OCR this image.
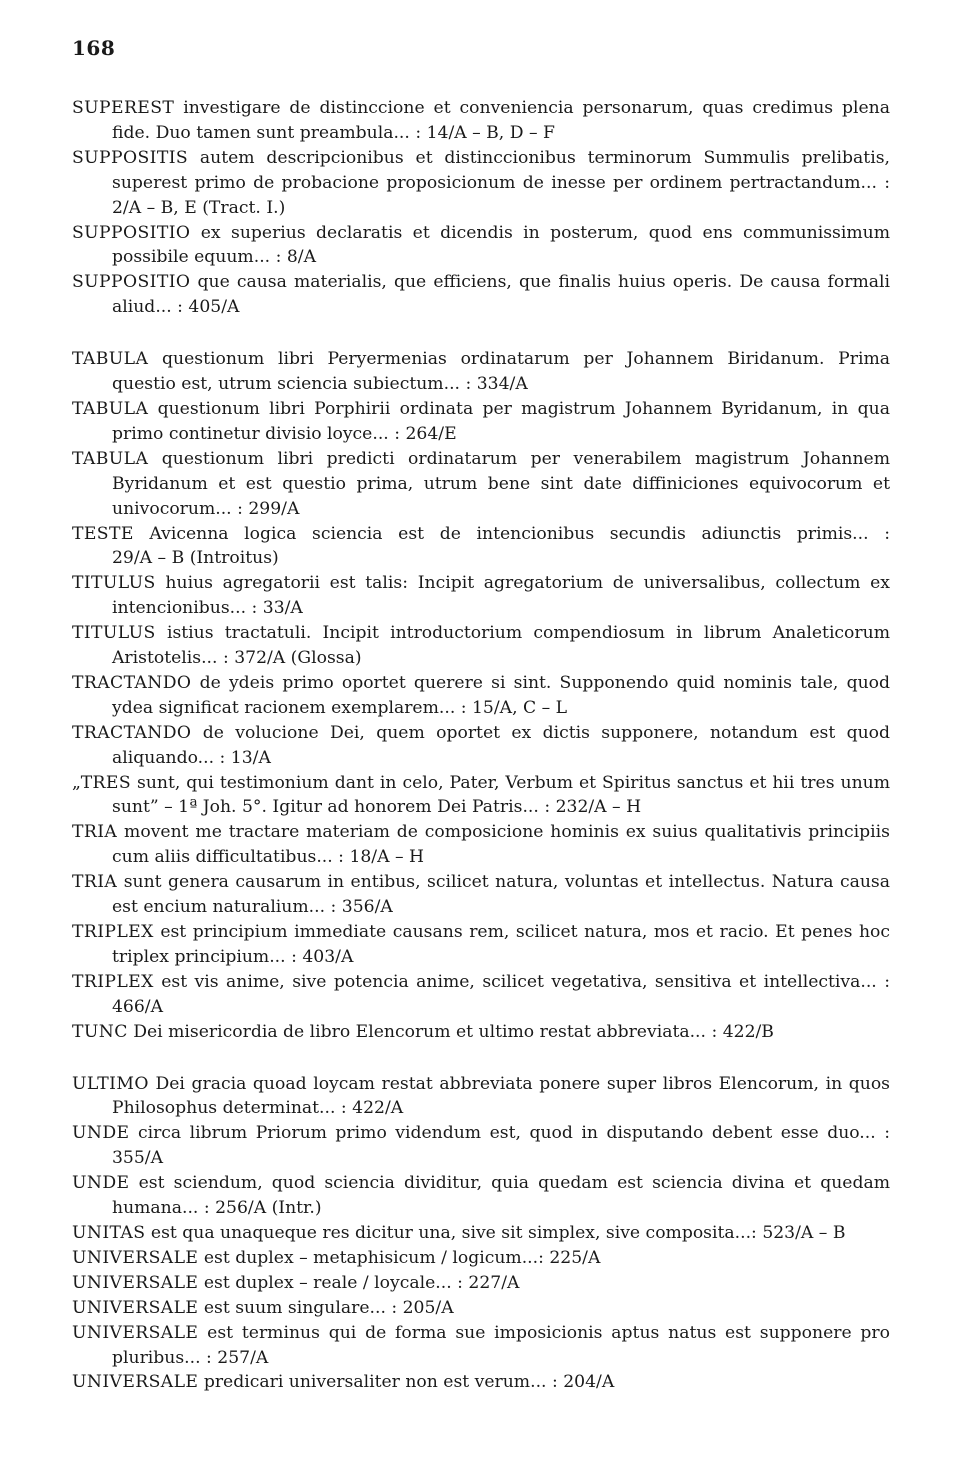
168

SUPEREST investigare de distinccione et conveniencia personarum, quas credimus plena fide. Duo tamen sunt preambula... : 14/A – B, D – F

SUPPOSITIS autem descripcionibus et distinccionibus terminorum Summulis prelibatis, superest primo de probacione proposicionum de inesse per ordinem pertractandum... : 2/A – B, E (Tract. I.)

SUPPOSITIO ex superius declaratis et dicendis in posterum, quod ens communissimum possibile equum... : 8/A

SUPPOSITIO que causa materialis, que efficiens, que finalis huius operis. De causa formali aliud... : 405/A

TABULA questionum libri Peryermenias ordinatarum per Johannem Biridanum. Prima questio est, utrum sciencia subiectum... : 334/A

TABULA questionum libri Porphirii ordinata per magistrum Johannem Byridanum, in qua primo continetur divisio loyce... : 264/E

TABULA questionum libri predicti ordinatarum per venerabilem magistrum Johannem Byridanum et est questio prima, utrum bene sint date diffiniciones equivocorum et univocorum... : 299/A

TESTE Avicenna logica sciencia est de intencionibus secundis adiunctis primis... : 29/A – B (Introitus)

TITULUS huius agregatorii est talis: Incipit agregatorium de universalibus, collectum ex intencionibus... : 33/A

TITULUS istius tractatuli. Incipit introductorium compendiosum in librum Analeticorum Aristotelis... : 372/A (Glossa)

TRACTANDO de ydeis primo oportet querere si sint. Supponendo quid nominis tale, quod ydea significat racionem exemplarem... : 15/A, C – L

TRACTANDO de volucione Dei, quem oportet ex dictis supponere, notandum est quod aliquando... : 13/A

„TRES sunt, qui testimonium dant in celo, Pater, Verbum et Spiritus sanctus et hii tres unum sunt” – 1ª Joh. 5°. Igitur ad honorem Dei Patris... : 232/A – H

TRIA movent me tractare materiam de composicione hominis ex suius qualitativis principiis cum aliis difficultatibus... : 18/A – H

TRIA sunt genera causarum in entibus, scilicet natura, voluntas et intellectus. Natura causa est encium naturalium... : 356/A

TRIPLEX est principium immediate causans rem, scilicet natura, mos et racio. Et penes hoc triplex principium... : 403/A

TRIPLEX est vis anime, sive potencia anime, scilicet vegetativa, sensitiva et intellectiva... : 466/A

TUNC Dei misericordia de libro Elencorum et ultimo restat abbreviata... : 422/B

ULTIMO Dei gracia quoad loycam restat abbreviata ponere super libros Elencorum, in quos Philosophus determinat... : 422/A

UNDE circa librum Priorum primo videndum est, quod in disputando debent esse duo... : 355/A

UNDE est sciendum, quod sciencia dividitur, quia quedam est sciencia divina et quedam humana... : 256/A (Intr.)

UNITAS est qua unaqueque res dicitur una, sive sit simplex, sive composita...: 523/A – B

UNIVERSALE est duplex – metaphisicum / logicum...: 225/A

UNIVERSALE est duplex – reale / loycale... : 227/A

UNIVERSALE est suum singulare... : 205/A

UNIVERSALE est terminus qui de forma sue imposicionis aptus natus est supponere pro pluribus... : 257/A

UNIVERSALE predicari universaliter non est verum... : 204/A
